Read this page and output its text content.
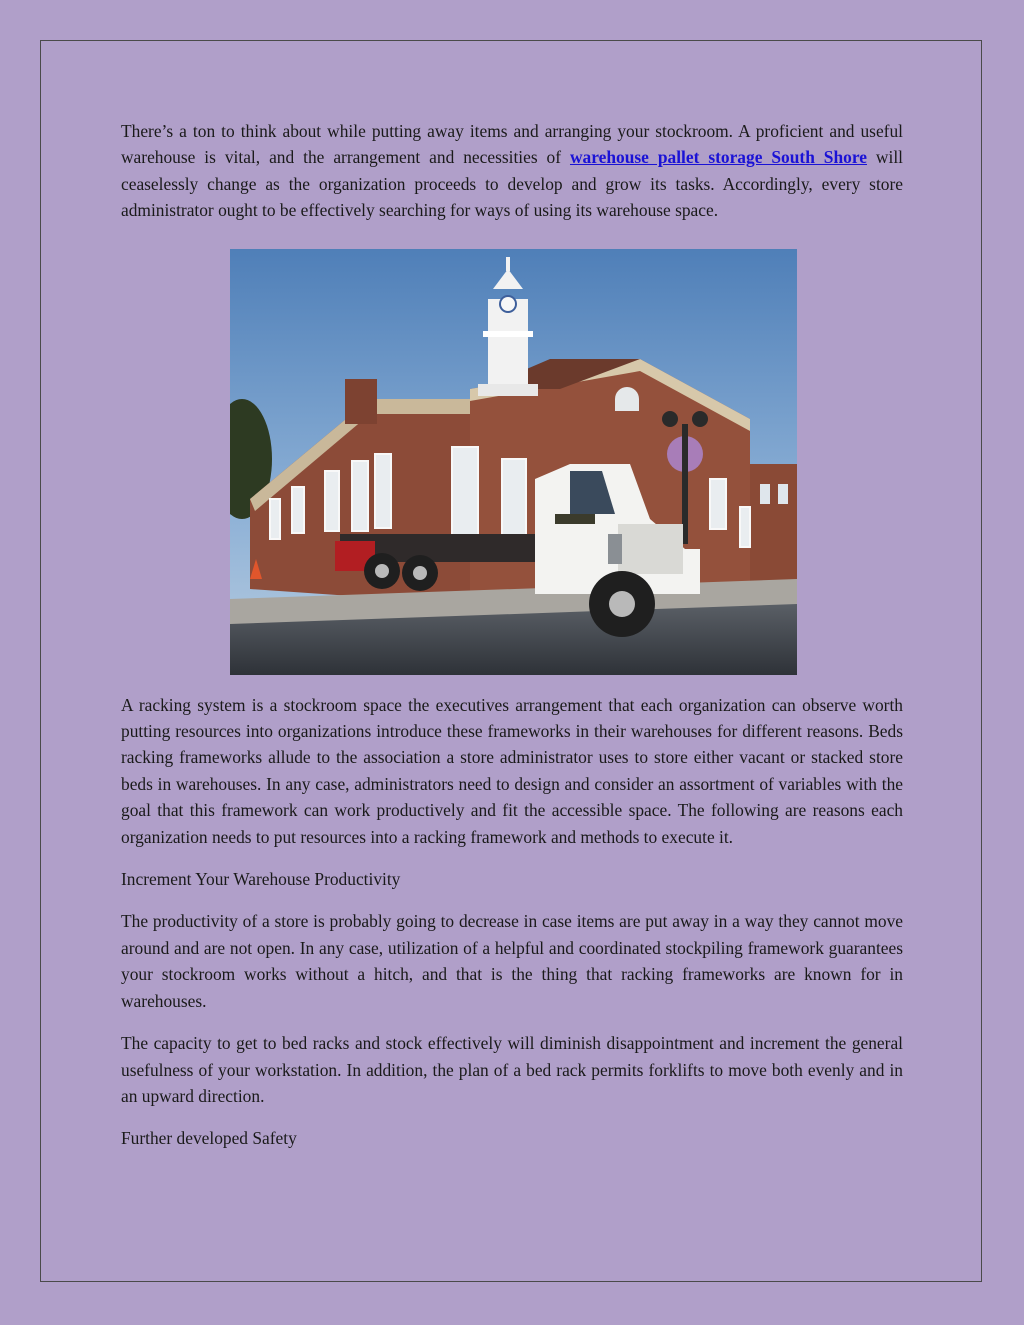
There’s a ton to think about while putting away items and arranging your stockroom. A proficient and useful warehouse is vital, and the arrangement and necessities of warehouse pallet storage South Shore will ceaselessly change as the organization proceeds to develop and grow its tasks. Accordingly, every store administrator ought to be effectively searching for ways of using its warehouse space.

A racking system is a stockroom space the executives arrangement that each organization can observe worth putting resources into organizations introduce these frameworks in their warehouses for different reasons. Beds racking frameworks allude to the association a store administrator uses to store either vacant or stacked store beds in warehouses. In any case, administrators need to design and consider an assortment of variables with the goal that this framework can work productively and fit the accessible space. The following are reasons each organization needs to put resources into a racking framework and methods to execute it.

Increment Your Warehouse Productivity

The productivity of a store is probably going to decrease in case items are put away in a way they cannot move around and are not open. In any case, utilization of a helpful and coordinated stockpiling framework guarantees your stockroom works without a hitch, and that is the thing that racking frameworks are known for in warehouses.

The capacity to get to bed racks and stock effectively will diminish disappointment and increment the general usefulness of your workstation. In addition, the plan of a bed rack permits forklifts to move both evenly and in an upward direction.

Further developed Safety
